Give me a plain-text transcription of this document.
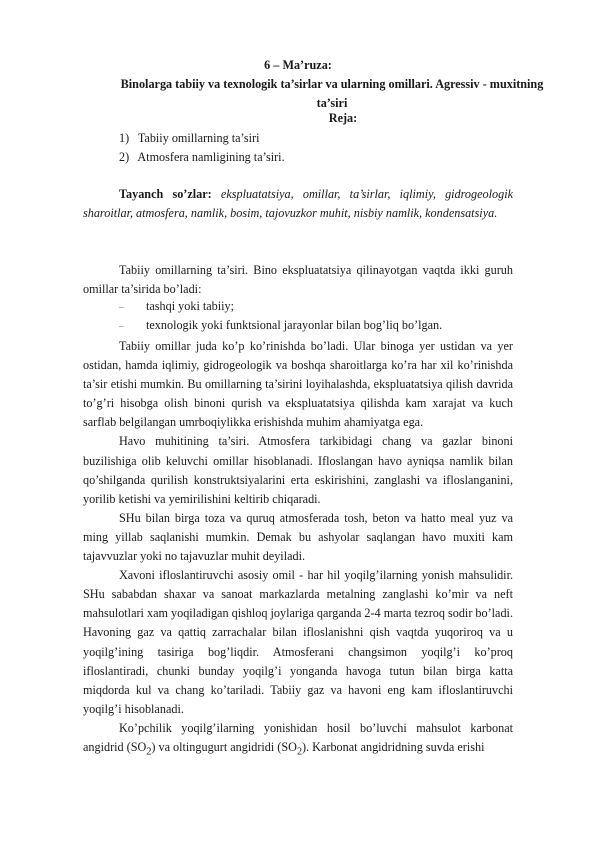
6 – Ma’ruza:
Binolarga tabiiy va texnologik ta’sirlar va ularning omillari. Agressiv - muxitning ta’siri
Reja:
1) Tabiiy omillarning ta’siri
2) Atmosfera namligining ta’siri.

Tayanch so’zlar: ekspluatatsiya, omillar, ta’sirlar, iqlimiy, gidrogeologik sharoitlar, atmosfera, namlik, bosim, tajovuzkor muhit, nisbiy namlik, kondensatsiya.

Tabiiy omillarning ta’siri. Bino ekspluatatsiya qilinayotgan vaqtda ikki guruh omillar ta’sirida bo’ladi:

– tashqi yoki tabiiy;
– texnologik yoki funktsional jarayonlar bilan bog’liq bo’lgan.

Tabiiy omillar juda ko’p ko’rinishda bo’ladi. Ular binoga yer ustidan va yer ostidan, hamda iqlimiy, gidrogeologik va boshqa sharoitlarga ko’ra har xil ko’rinishda ta’sir etishi mumkin. Bu omillarning ta’sirini loyihalashda, ekspluatatsiya qilish davrida to’g’ri hisobga olish binoni qurish va ekspluatatsiya qilishda kam xarajat va kuch sarflab belgilangan umrboqiylikka erishishda muhim ahamiyatga ega.

Havo muhitining ta’siri. Atmosfera tarkibidagi chang va gazlar binoni buzilishiga olib keluvchi omillar hisoblanadi. Ifloslangan havo ayniqsa namlik bilan qo’shilganda qurilish konstruktsiyalarini erta eskirishini, zanglashi va ifloslanganini, yorilib ketishi va yemirilishini keltirib chiqaradi.

SHu bilan birga toza va quruq atmosferada tosh, beton va hatto meal yuz va ming yillab saqlanishi mumkin. Demak bu ashyolar saqlangan havo muxiti kam tajavvuzlar yoki no tajavuzlar muhit deyiladi.

Xavoni ifloslantiruvchi asosiy omil - har hil yoqilg’ilarning yonish mahsulidir. SHu sababdan shaxar va sanoat markazlarda metalning zanglashi ko’mir va neft mahsulotlari xam yoqiladigan qishloq joylariga qarganda 2-4 marta tezroq sodir bo’ladi. Havoning gaz va qattiq zarrachalar bilan ifloslanishni qish vaqtda yuqoriroq va u yoqilg’ining tasiriga bog’liqdir. Atmosferani changsimon yoqilg’i ko’proq ifloslantiradi, chunki bunday yoqilg’i yonganda havoga tutun bilan birga katta miqdorda kul va chang ko’tariladi. Tabiiy gaz va havoni eng kam ifloslantiruvchi yoqilg’i hisoblanadi.

Ko’pchilik yoqilg’ilarning yonishidan hosil bo’luvchi mahsulot karbonat angidrid $(SO_2)$ va oltingugurt angidridi $(SO_2)$. Karbonat angidridning suvda erishi
